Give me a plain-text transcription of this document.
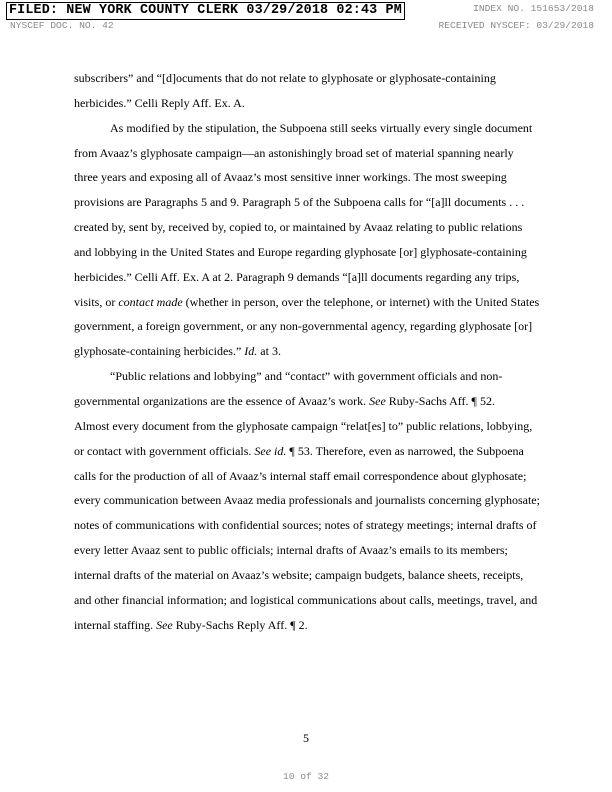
FILED: NEW YORK COUNTY CLERK 03/29/2018 02:43 PM	INDEX NO. 151653/2018
NYSCEF DOC. NO. 42	RECEIVED NYSCEF: 03/29/2018

subscribers” and “[d]ocuments that do not relate to glyphosate or glyphosate-containing
herbicides.” Celli Reply Aff. Ex. A.

As modified by the stipulation, the Subpoena still seeks virtually every single document
from Avaaz’s glyphosate campaign—an astonishingly broad set of material spanning nearly
three years and exposing all of Avaaz’s most sensitive inner workings. The most sweeping
provisions are Paragraphs 5 and 9. Paragraph 5 of the Subpoena calls for “[a]ll documents . . .
created by, sent by, received by, copied to, or maintained by Avaaz relating to public relations
and lobbying in the United States and Europe regarding glyphosate [or] glyphosate-containing
herbicides.” Celli Aff. Ex. A at 2. Paragraph 9 demands “[a]ll documents regarding any trips,
visits, or contact made (whether in person, over the telephone, or internet) with the United States
government, a foreign government, or any non-governmental agency, regarding glyphosate [or]
glyphosate-containing herbicides.” Id. at 3.

“Public relations and lobbying” and “contact” with government officials and non-
governmental organizations are the essence of Avaaz’s work. See Ruby-Sachs Aff. ¶ 52.
Almost every document from the glyphosate campaign “relat[es] to” public relations, lobbying,
or contact with government officials. See id. ¶ 53. Therefore, even as narrowed, the Subpoena
calls for the production of all of Avaaz’s internal staff email correspondence about glyphosate;
every communication between Avaaz media professionals and journalists concerning glyphosate;
notes of communications with confidential sources; notes of strategy meetings; internal drafts of
every letter Avaaz sent to public officials; internal drafts of Avaaz’s emails to its members;
internal drafts of the material on Avaaz’s website; campaign budgets, balance sheets, receipts,
and other financial information; and logistical communications about calls, meetings, travel, and
internal staffing. See Ruby-Sachs Reply Aff. ¶ 2.

5
10 of 32
